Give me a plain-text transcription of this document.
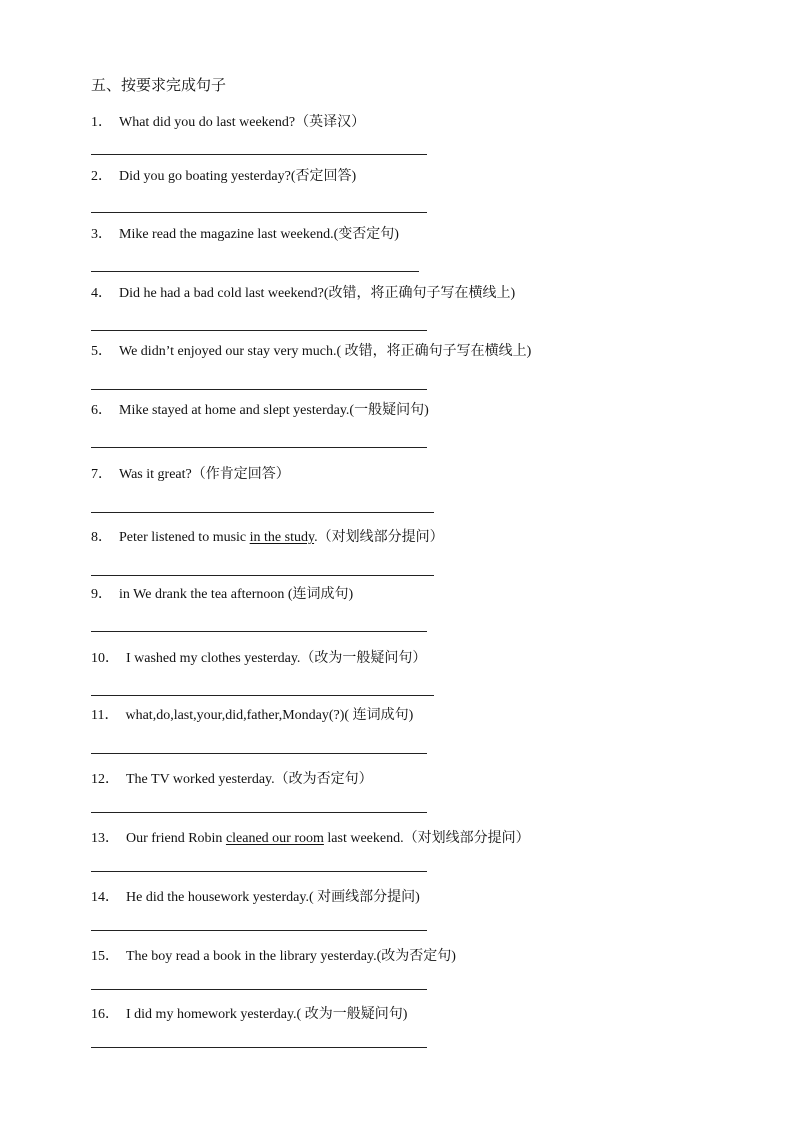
五、按要求完成句子
1． What did you do last weekend?（英译汉）
2． Did you go boating yesterday?(否定回答)
3． Mike read the magazine last weekend.(变否定句)
4． Did he had a bad cold last weekend?(改错，将正确句子写在横线上)
5． We didn’t enjoyed our stay very much.( 改错，将正确句子写在横线上)
6． Mike stayed at home and slept yesterday.(一般疑问句)
7． Was it great?（作肯定回答）
8． Peter listened to music in the study.（对划线部分提问）
9． in We drank the tea afternoon (连词成句)
10． I washed my clothes yesterday.（改为一般疑问句）
11． what,do,last,your,did,father,Monday(?)( 连词成句)
12． The TV worked yesterday.（改为否定句）
13． Our friend Robin cleaned our room last weekend.（对划线部分提问）
14． He did the housework yesterday.( 对画线部分提问)
15． The boy read a book in the library yesterday.(改为否定句)
16． I did my homework yesterday.( 改为一般疑问句)
